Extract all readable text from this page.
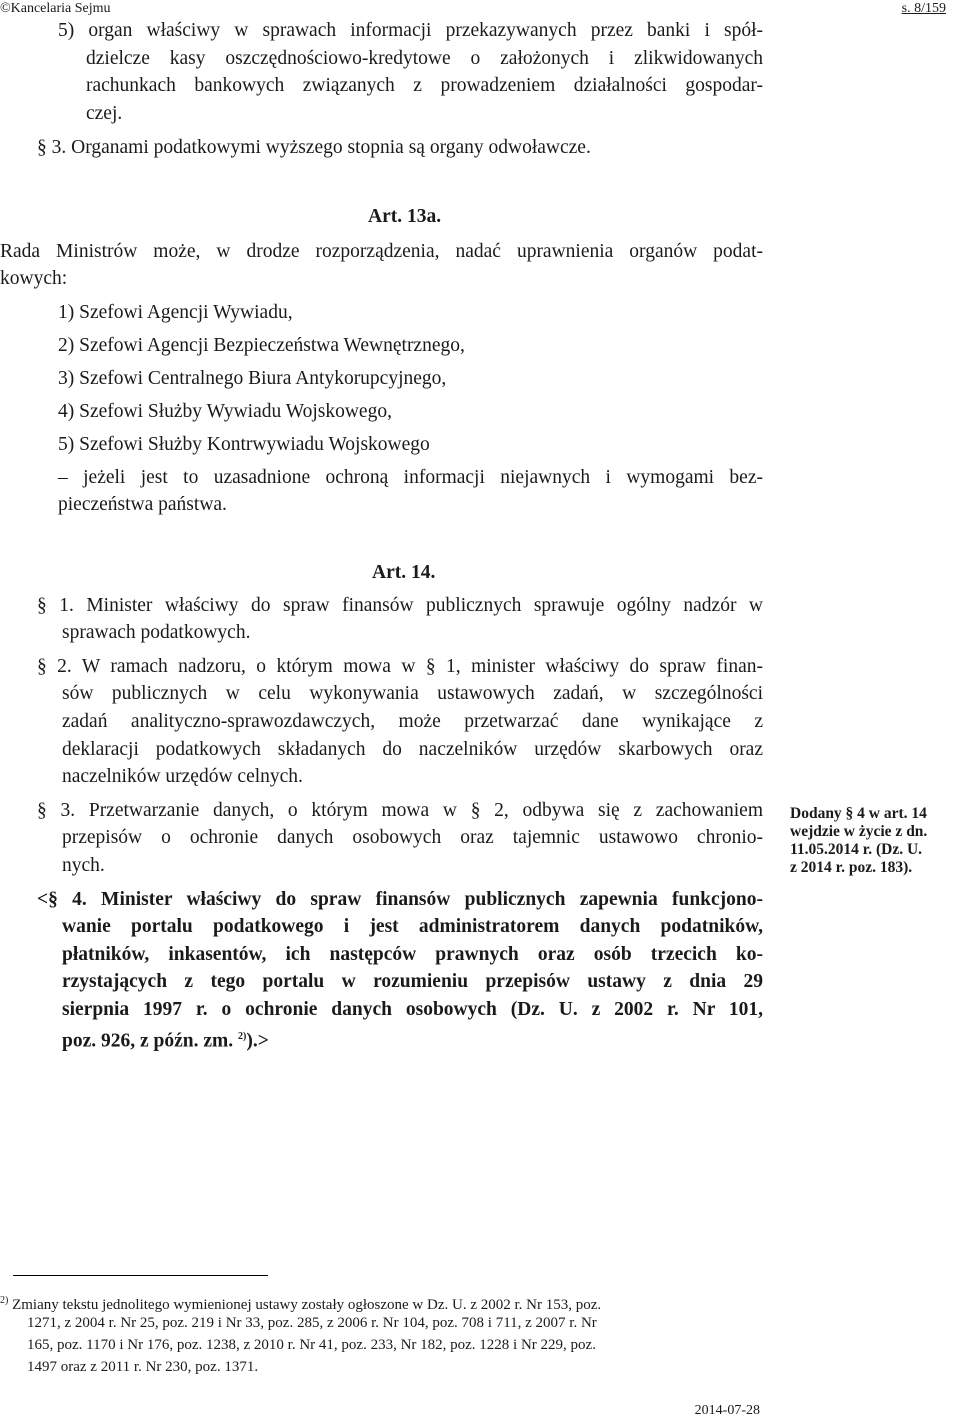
©Kancelaria Sejmu	s. 8/159
5) organ właściwy w sprawach informacji przekazywanych przez banki i spół-
dzielcze kasy oszczędnościowo-kredytowe o założonych i zlikwidowanych
rachunkach bankowych związanych z prowadzeniem działalności gospodar-
czej.
§ 3. Organami podatkowymi wyższego stopnia są organy odwoławcze.
Art. 13a.
Rada Ministrów może, w drodze rozporządzenia, nadać uprawnienia organów podat-
kowych:
1) Szefowi Agencji Wywiadu,
2) Szefowi Agencji Bezpieczeństwa Wewnętrznego,
3) Szefowi Centralnego Biura Antykorupcyjnego,
4) Szefowi Służby Wywiadu Wojskowego,
5) Szefowi Służby Kontrwywiadu Wojskowego
– jeżeli jest to uzasadnione ochroną informacji niejawnych i wymogami bez-
pieczeństwa państwa.
Art. 14.
§ 1. Minister właściwy do spraw finansów publicznych sprawuje ogólny nadzór w
sprawach podatkowych.
§ 2. W ramach nadzoru, o którym mowa w § 1, minister właściwy do spraw finan-
sów publicznych w celu wykonywania ustawowych zadań, w szczególności
zadań analityczno-sprawozdawczych, może przetwarzać dane wynikające z
deklaracji podatkowych składanych do naczelników urzędów skarbowych oraz
naczelników urzędów celnych.
§ 3. Przetwarzanie danych, o którym mowa w § 2, odbywa się z zachowaniem
przepisów o ochronie danych osobowych oraz tajemnic ustawowo chronio-
nych.
<§ 4. Minister właściwy do spraw finansów publicznych zapewnia funkcjono-
wanie portalu podatkowego i jest administratorem danych podatników,
płatników, inkasentów, ich następców prawnych oraz osób trzecich ko-
rzystających z tego portalu w rozumieniu przepisów ustawy z dnia 29
sierpnia 1997 r. o ochronie danych osobowych (Dz. U. z 2002 r. Nr 101,
poz. 926, z późn. zm. $^{2)}$).>
Dodany § 4 w art. 14
wejdzie w życie z dn.
11.05.2014 r. (Dz. U.
z 2014 r. poz. 183).
$^{2)}$ Zmiany tekstu jednolitego wymienionej ustawy zostały ogłoszone w Dz. U. z 2002 r. Nr 153, poz.
1271, z 2004 r. Nr 25, poz. 219 i Nr 33, poz. 285, z 2006 r. Nr 104, poz. 708 i 711, z 2007 r. Nr
165, poz. 1170 i Nr 176, poz. 1238, z 2010 r. Nr 41, poz. 233, Nr 182, poz. 1228 i Nr 229, poz.
1497 oraz z 2011 r. Nr 230, poz. 1371.
2014-07-28
